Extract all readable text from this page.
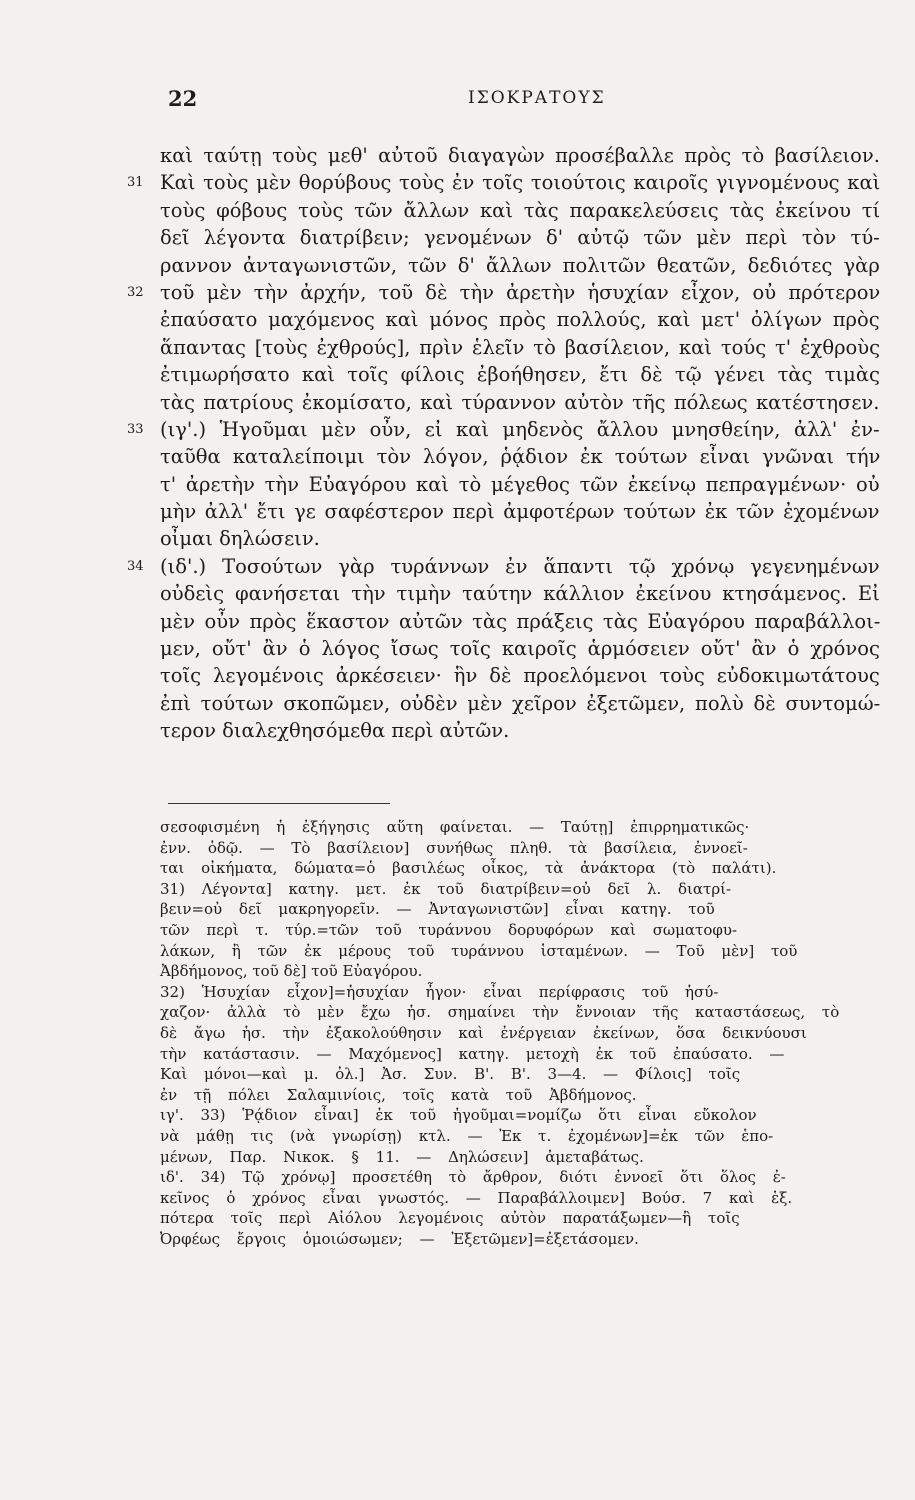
22	ΙΣΟΚΡΑΤΟΥΣ
καὶ ταύτῃ τοὺς μεθ' αὐτοῦ διαγαγὼν προσέβαλλε πρὸς τὸ βασίλειον.
31 Καὶ τοὺς μὲν θορύβους τοὺς ἐν τοῖς τοιούτοις καιροῖς γιγνομένους καὶ
τοὺς φόβους τοὺς τῶν ἄλλων καὶ τὰς παρακελεύσεις τὰς ἐκείνου τί
δεῖ λέγοντα διατρίβειν; γενομένων δ' αὐτῷ τῶν μὲν περὶ τὸν τύ-
ραννον ἀνταγωνιστῶν, τῶν δ' ἄλλων πολιτῶν θεατῶν, δεδιότες γὰρ
32 τοῦ μὲν τὴν ἀρχήν, τοῦ δὲ τὴν ἀρετὴν ἡσυχίαν εἶχον, οὐ πρότερον
ἐπαύσατο μαχόμενος καὶ μόνος πρὸς πολλούς, καὶ μετ' ὀλίγων πρὸς
ἅπαντας [τοὺς ἐχθρούς], πρὶν ἑλεῖν τὸ βασίλειον, καὶ τούς τ' ἐχθροὺς
ἐτιμωρήσατο καὶ τοῖς φίλοις ἐβοήθησεν, ἔτι δὲ τῷ γένει τὰς τιμὰς
τὰς πατρίους ἐκομίσατο, καὶ τύραννον αὐτὸν τῆς πόλεως κατέστησεν.
33 (ιγ'.) Ἡγοῦμαι μὲν οὖν, εἰ καὶ μηδενὸς ἄλλου μνησθείην, ἀλλ' ἐν-
ταῦθα καταλείποιμι τὸν λόγον, ῥᾴδιον ἐκ τούτων εἶναι γνῶναι τήν
τ' ἀρετὴν τὴν Εὐαγόρου καὶ τὸ μέγεθος τῶν ἐκείνῳ πεπραγμένων· οὐ
μὴν ἀλλ' ἔτι γε σαφέστερον περὶ ἀμφοτέρων τούτων ἐκ τῶν ἐχομένων
οἶμαι δηλώσειν.
34 (ιδ'.) Τοσούτων γὰρ τυράννων ἐν ἅπαντι τῷ χρόνῳ γεγενημένων
οὐδεὶς φανήσεται τὴν τιμὴν ταύτην κάλλιον ἐκείνου κτησάμενος. Εἰ
μὲν οὖν πρὸς ἕκαστον αὐτῶν τὰς πράξεις τὰς Εὐαγόρου παραβάλλοι-
μεν, οὔτ' ἂν ὁ λόγος ἴσως τοῖς καιροῖς ἁρμόσειεν οὔτ' ἂν ὁ χρόνος
τοῖς λεγομένοις ἀρκέσειεν· ἣν δὲ προελόμενοι τοὺς εὐδοκιμωτάτους
ἐπὶ τούτων σκοπῶμεν, οὐδὲν μὲν χεῖρον ἐξετῶμεν, πολὺ δὲ συντομώ-
τερον διαλεχθησόμεθα περὶ αὐτῶν.
σεσοφισμένη ἡ ἐξήγησις αὕτη φαίνεται. — Ταύτῃ] ἐπιρρηματικῶς·ἐνν. ὁδῷ. — Τὸ βασίλειον] συνήθως πληθ. τὰ βασίλεια, ἐννοεῖ-ται οἰκήματα, δώματα=ὁ βασιλέως οἶκος, τὰ ἀνάκτορα (τὸ παλάτι).31) Λέγοντα] κατηγ. μετ. ἐκ τοῦ διατρίβειν=οὐ δεῖ λ. διατρί-βειν=οὐ δεῖ μακρηγορεῖν. — Ἀνταγωνιστῶν] εἶναι κατηγ. τοῦτῶν περὶ τ. τύρ.=τῶν τοῦ τυράννου δορυφόρων καὶ σωματοφυ-λάκων, ἢ τῶν ἐκ μέρους τοῦ τυράννου ἱσταμένων. — Τοῦ μὲν] τοῦἈβδήμονος, τοῦ δὲ] τοῦ Εὐαγόρου.32) Ἡσυχίαν εἶχον]=ἡσυχίαν ἦγον· εἶναι περίφρασις τοῦ ἡσύ-χαζον· ἀλλὰ τὸ μὲν ἔχω ἡσ. σημαίνει τὴν ἔννοιαν τῆς καταστάσεως, τὸδὲ ἄγω ἡσ. τὴν ἐξακολούθησιν καὶ ἐνέργειαν ἐκείνων, ὅσα δεικνύουσιτὴν κατάστασιν. — Μαχόμενος] κατηγ. μετοχὴ ἐκ τοῦ ἐπαύσατο. —Καὶ μόνοι—καὶ μ. ὀλ.] Ἀσ. Συν. Β'. Β'. 3—4. — Φίλοις] τοῖςἐν τῇ πόλει Σαλαμινίοις, τοῖς κατὰ τοῦ Ἀβδήμονος.ιγ'. 33) Ῥᾴδιον εἶναι] ἐκ τοῦ ἡγοῦμαι=νομίζω ὅτι εἶναι εὔκολοννὰ μάθῃ τις (νὰ γνωρίσῃ) κτλ. — Ἐκ τ. ἐχομένων]=ἐκ τῶν ἑπο-μένων, Παρ. Νικοκ. § 11. — Δηλώσειν] ἀμεταβάτως.ιδ'. 34) Τῷ χρόνῳ] προσετέθη τὸ ἄρθρον, διότι ἐννοεῖ ὅτι ὅλος ἐ-κεῖνος ὁ χρόνος εἶναι γνωστός. — Παραβάλλοιμεν] Βούσ. 7 καὶ ἑξ.πότερα τοῖς περὶ Αἰόλου λεγομένοις αὐτὸν παρατάξωμεν—ἢ τοῖςὈρφέως ἔργοις ὁμοιώσωμεν; — Ἐξετῶμεν]=ἐξετάσομεν.
